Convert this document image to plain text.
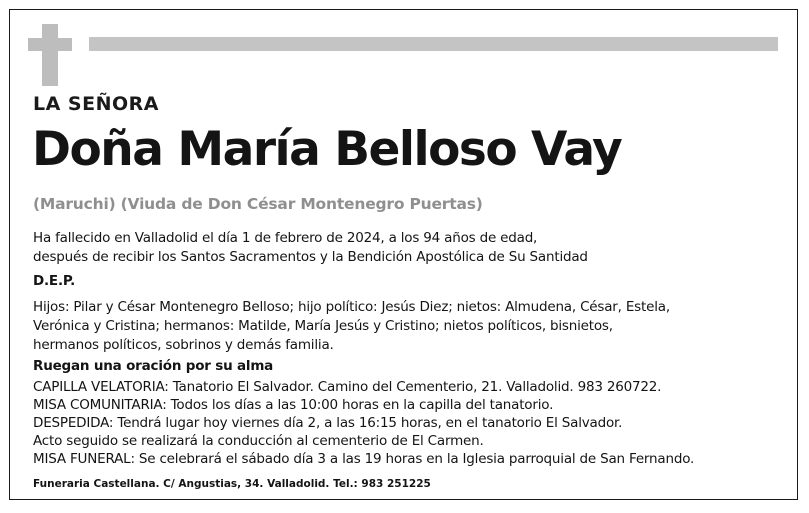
LA SEÑORA
Doña María Belloso Vay
(Maruchi) (Viuda de Don César Montenegro Puertas)
Ha fallecido en Valladolid el día 1 de febrero de 2024, a los 94 años de edad,
después de recibir los Santos Sacramentos y la Bendición Apostólica de Su Santidad
D.E.P.
Hijos: Pilar y César Montenegro Belloso; hijo político: Jesús Diez; nietos: Almudena, César, Estela,
Verónica y Cristina; hermanos: Matilde, María Jesús y Cristino; nietos políticos, bisnietos,
hermanos políticos, sobrinos y demás familia.
Ruegan una oración por su alma
CAPILLA VELATORIA: Tanatorio El Salvador. Camino del Cementerio, 21. Valladolid. 983 260722.
MISA COMUNITARIA: Todos los días a las 10:00 horas en la capilla del tanatorio.
DESPEDIDA: Tendrá lugar hoy viernes día 2, a las 16:15 horas, en el tanatorio El Salvador.
Acto seguido se realizará la conducción al cementerio de El Carmen.
MISA FUNERAL: Se celebrará el sábado día 3 a las 19 horas en la Iglesia parroquial de San Fernando.
Funeraria Castellana. C/ Angustias, 34. Valladolid. Tel.: 983 251225
